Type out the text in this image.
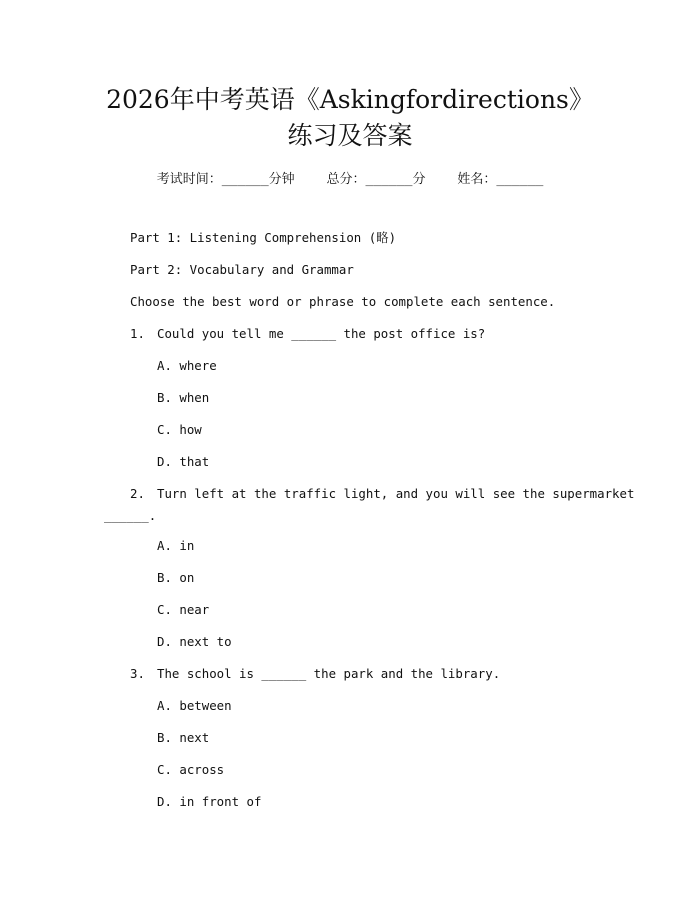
2026年中考英语《Askingfordirections》
练习及答案
考试时间：______分钟 总分：______分 姓名：______
Part 1: Listening Comprehension (略)
Part 2: Vocabulary and Grammar
Choose the best word or phrase to complete each sentence.
1. Could you tell me ______ the post office is?
A. where
B. when
C. how
D. that
2. Turn left at the traffic light, and you will see the supermarket
______.
A. in
B. on
C. near
D. next to
3. The school is ______ the park and the library.
A. between
B. next
C. across
D. in front of
